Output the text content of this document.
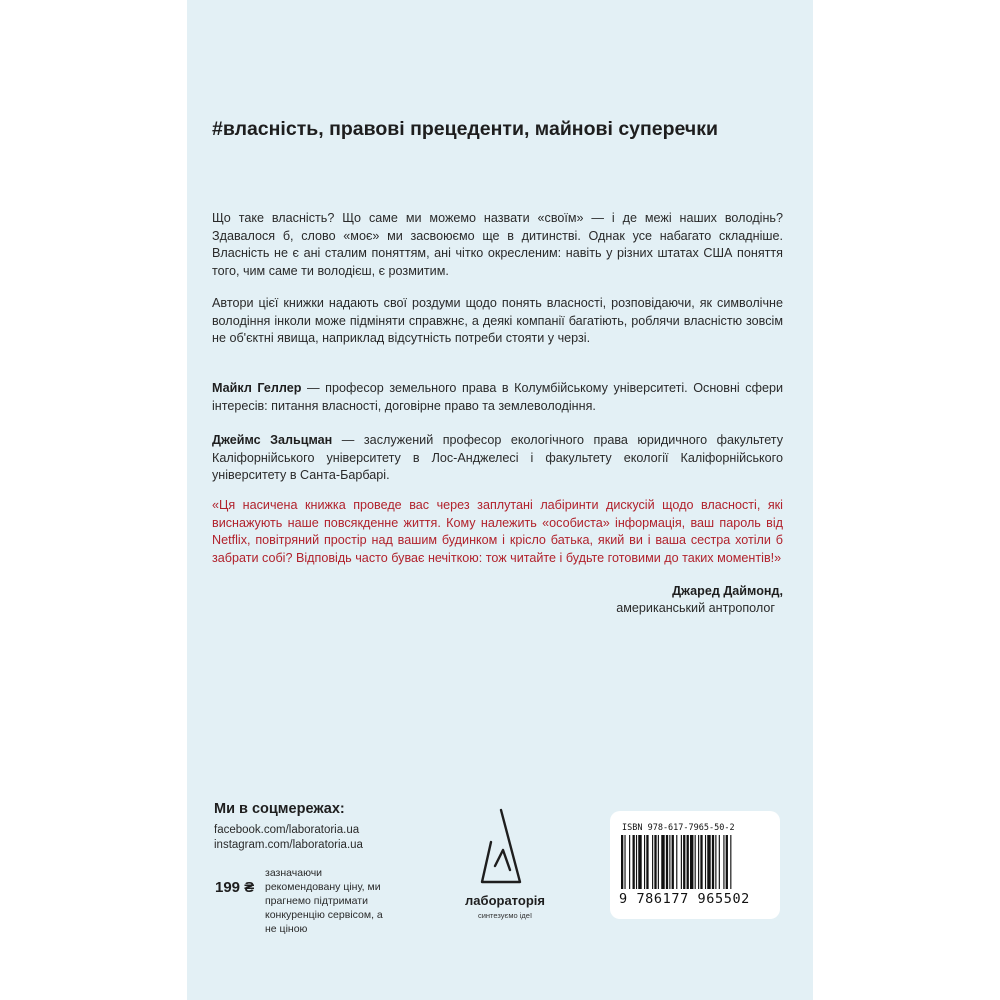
#власність, правові прецеденти, майнові суперечки

Що таке власність? Що саме ми можемо назвати «своїм» — і де межі наших володінь? Здавалося б, слово «моє» ми засвоюємо ще в дитинстві. Однак усе набагато складніше. Власність не є ані сталим поняттям, ані чітко окресленим: навіть у різних штатах США поняття того, чим саме ти володієш, є розмитим.

Автори цієї книжки надають свої роздуми щодо понять власності, розповідаючи, як символічне володіння інколи може підміняти справжнє, а деякі компанії багатіють, роблячи власністю зовсім не об'єктні явища, наприклад відсутність потреби стояти у черзі.

Майкл Геллер — професор земельного права в Колумбійському університеті. Основні сфери інтересів: питання власності, договірне право та землеволодіння.

Джеймс Зальцман — заслужений професор екологічного права юридичного факультету Каліфорнійського університету в Лос-Анджелесі і факультету екології Каліфорнійського університету в Санта-Барбарі.

«Ця насичена книжка проведе вас через заплутані лабіринти дискусій щодо власності, які виснажують наше повсякденне життя. Кому належить «особиста» інформація, ваш пароль від Netflix, повітряний простір над вашим будинком і крісло батька, який ви і ваша сестра хотіли б забрати собі? Відповідь часто буває нечіткою: тож читайте і будьте готовими до таких моментів!»

Джаред Даймонд,
американський антрополог
Ми в соцмережах:
facebook.com/laboratoria.ua
instagram.com/laboratoria.ua
199 ₴
зазначаючи рекомендовану ціну, ми прагнемо підтримати конкуренцію сервісом, а не ціною
лабораторія
синтезуємо ідеї
ISBN 978-617-7965-50-2
9 786177 965502
